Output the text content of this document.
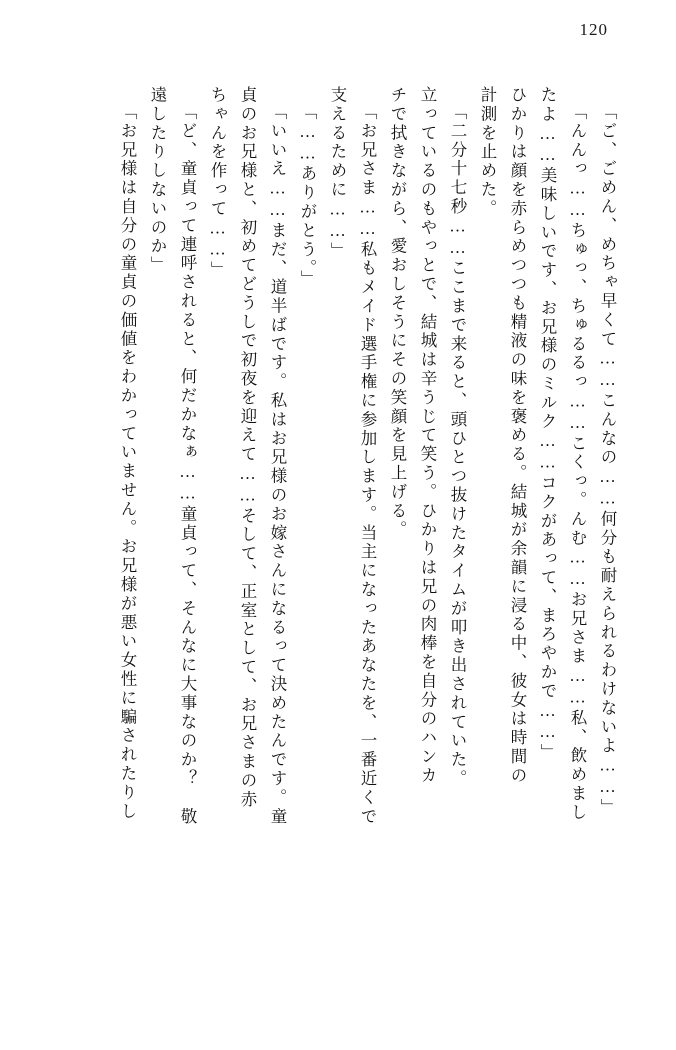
120
「ご、ごめん、めちゃ早くて……こんなの……何分も耐えられるわけないよ……」
「んんっ……ちゅっ、ちゅるるっ……こくっ。んむ……お兄さま……私、飲めまし
たよ……美味しいです、お兄様のミルク……コクがあって、まろやかで……」
ひかりは顔を赤らめつつも精液の味を褒める。結城が余韻に浸る中、彼女は時間の
計測を止めた。
「二分十七秒……ここまで来ると、頭ひとつ抜けたタイムが叩き出されていた。
立っているのもやっとで、結城は辛うじて笑う。ひかりは兄の肉棒を自分のハンカ
チで拭きながら、愛おしそうにその笑顔を見上げる。
「お兄さま……私もメイド選手権に参加します。当主になったあなたを、一番近くで
支えるために……」
「……ありがとう。」
「いいえ……まだ、道半ばです。私はお兄様のお嫁さんになるって決めたんです。童
貞のお兄様と、初めてどうしで初夜を迎えて……そして、正室として、お兄さまの赤
ちゃんを作って……」
「ど、童貞って連呼されると、何だかなぁ……童貞って、そんなに大事なのか？　敬
遠したりしないのか」
「お兄様は自分の童貞の価値をわかっていません。お兄様が悪い女性に騙されたりし
